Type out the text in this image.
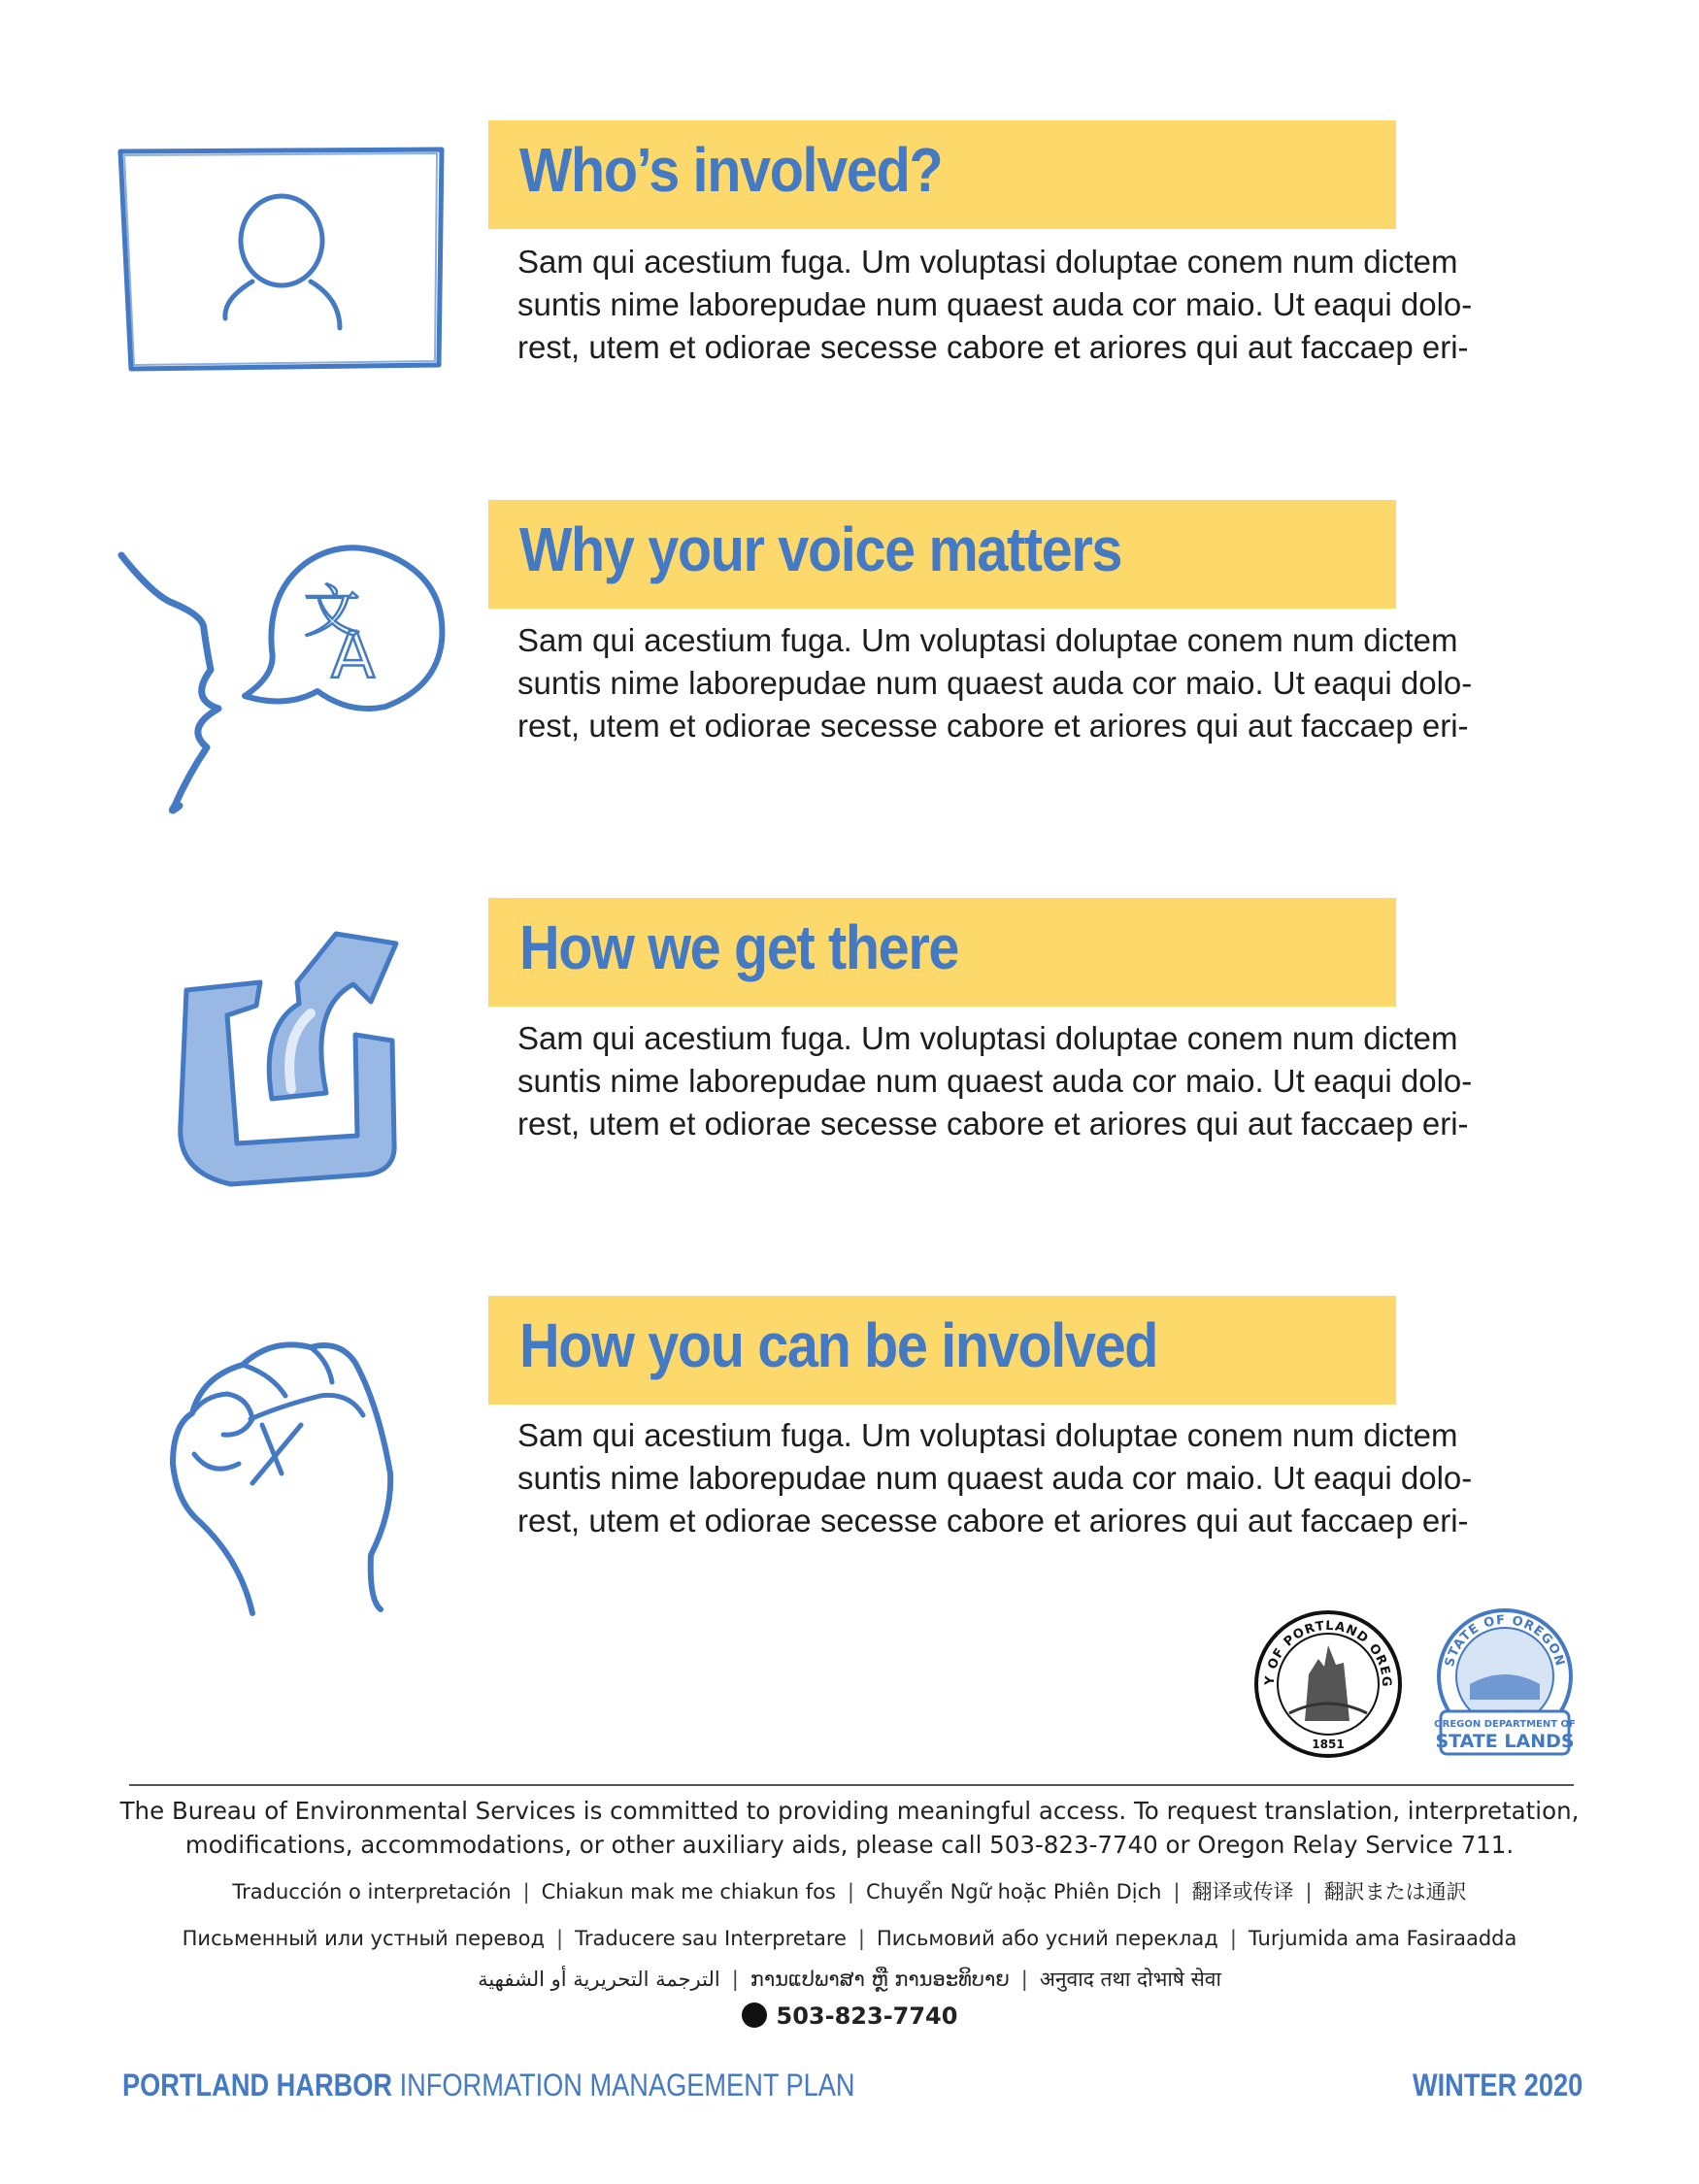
Who’s involved?

Sam qui acestium fuga. Um voluptasi doluptae conem num dictem
suntis nime laborepudae num quaest auda cor maio. Ut eaqui dolo-
rest, utem et odiorae secesse cabore et ariores qui aut faccaep eri-

文
A
Why your voice matters

Sam qui acestium fuga. Um voluptasi doluptae conem num dictem
suntis nime laborepudae num quaest auda cor maio. Ut eaqui dolo-
rest, utem et odiorae secesse cabore et ariores qui aut faccaep eri-

How we get there

Sam qui acestium fuga. Um voluptasi doluptae conem num dictem
suntis nime laborepudae num quaest auda cor maio. Ut eaqui dolo-
rest, utem et odiorae secesse cabore et ariores qui aut faccaep eri-

How you can be involved

Sam qui acestium fuga. Um voluptasi doluptae conem num dictem
suntis nime laborepudae num quaest auda cor maio. Ut eaqui dolo-
rest, utem et odiorae secesse cabore et ariores qui aut faccaep eri-

Y OF PORTLAND OREG
1851
STATE OF OREGON
OREGON DEPARTMENT OF
STATE LANDS
The Bureau of Environmental Services is committed to providing meaningful access. To request translation, interpretation,
modifications, accommodations, or other auxiliary aids, please call 503-823-7740 or Oregon Relay Service 711.
Traducción o interpretación | Chiakun mak me chiakun fos | Chuyển Ngữ hoặc Phiên Dịch | 翻译或传译 | 翻訳または通訳
Письменный или устный перевод | Traducere sau Interpretare | Письмовий або усний переклад | Turjumida ama Fasiraadda
الترجمة التحريرية أو الشفهية | ການແປພາສາ ຫຼື ການອະທິບາຍ | अनुवाद तथा दोभाषे सेवा
503-823-7740
PORTLAND HARBOR INFORMATION MANAGEMENT PLAN	WINTER 2020
